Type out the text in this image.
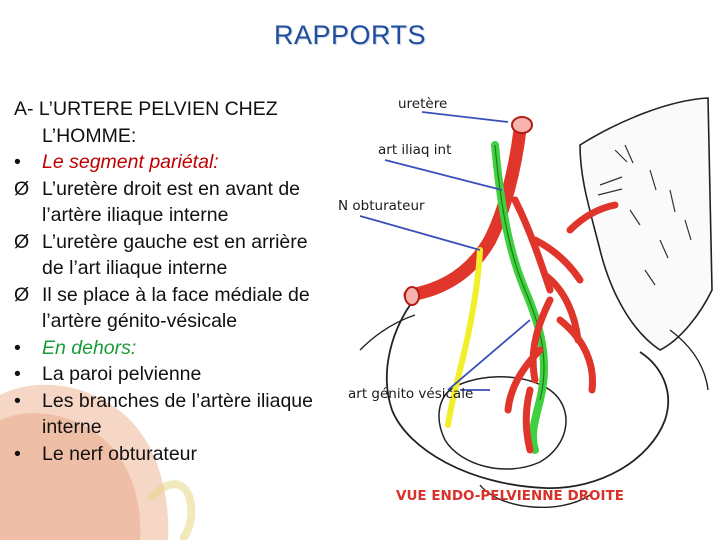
RAPPORTS
A- L’URTERE PELVIEN CHEZ
L’HOMME:
•	Le segment pariétal:
Ø L’uretère droit est en avant de l’artère iliaque interne
Ø L’uretère gauche est en arrière de l’art iliaque interne
Ø Il se place à la face médiale de l’artère génito-vésicale
•	En dehors:
•	La paroi pelvienne
•	Les branches de l’artère iliaque interne
•	Le nerf obturateur
uretère
art iliaq int
N obturateur
art génito vésicale
VUE ENDO-PELVIENNE DROITE
